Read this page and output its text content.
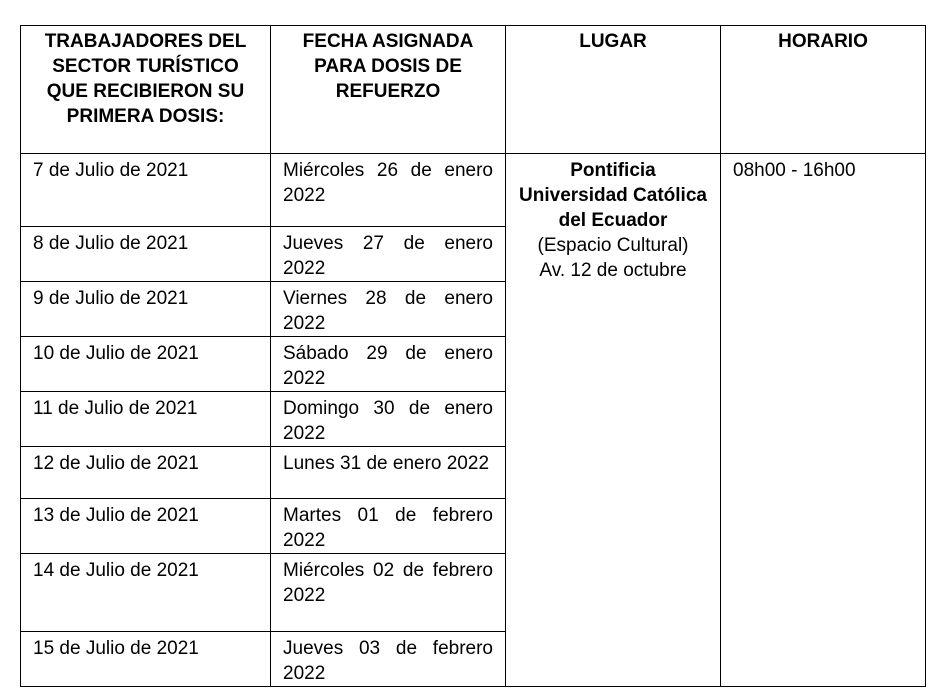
TRABAJADORES DEL SECTOR TURÍSTICO QUE RECIBIERON SU PRIMERA DOSIS:	FECHA ASIGNADA PARA DOSIS DE REFUERZO	LUGAR	HORARIO
7 de Julio de 2021	Miércoles 26 de enero 2022	Pontificia Universidad Católica del Ecuador
(Espacio Cultural)
Av. 12 de octubre	08h00 - 16h00
8 de Julio de 2021	Jueves 27 de enero 2022		
9 de Julio de 2021	Viernes 28 de enero 2022		
10 de Julio de 2021	Sábado 29 de enero 2022		
11 de Julio de 2021	Domingo 30 de enero 2022		
12 de Julio de 2021	Lunes 31 de enero 2022		
13 de Julio de 2021	Martes 01 de febrero 2022		
14 de Julio de 2021	Miércoles 02 de febrero 2022		
15 de Julio de 2021	Jueves 03 de febrero 2022		
